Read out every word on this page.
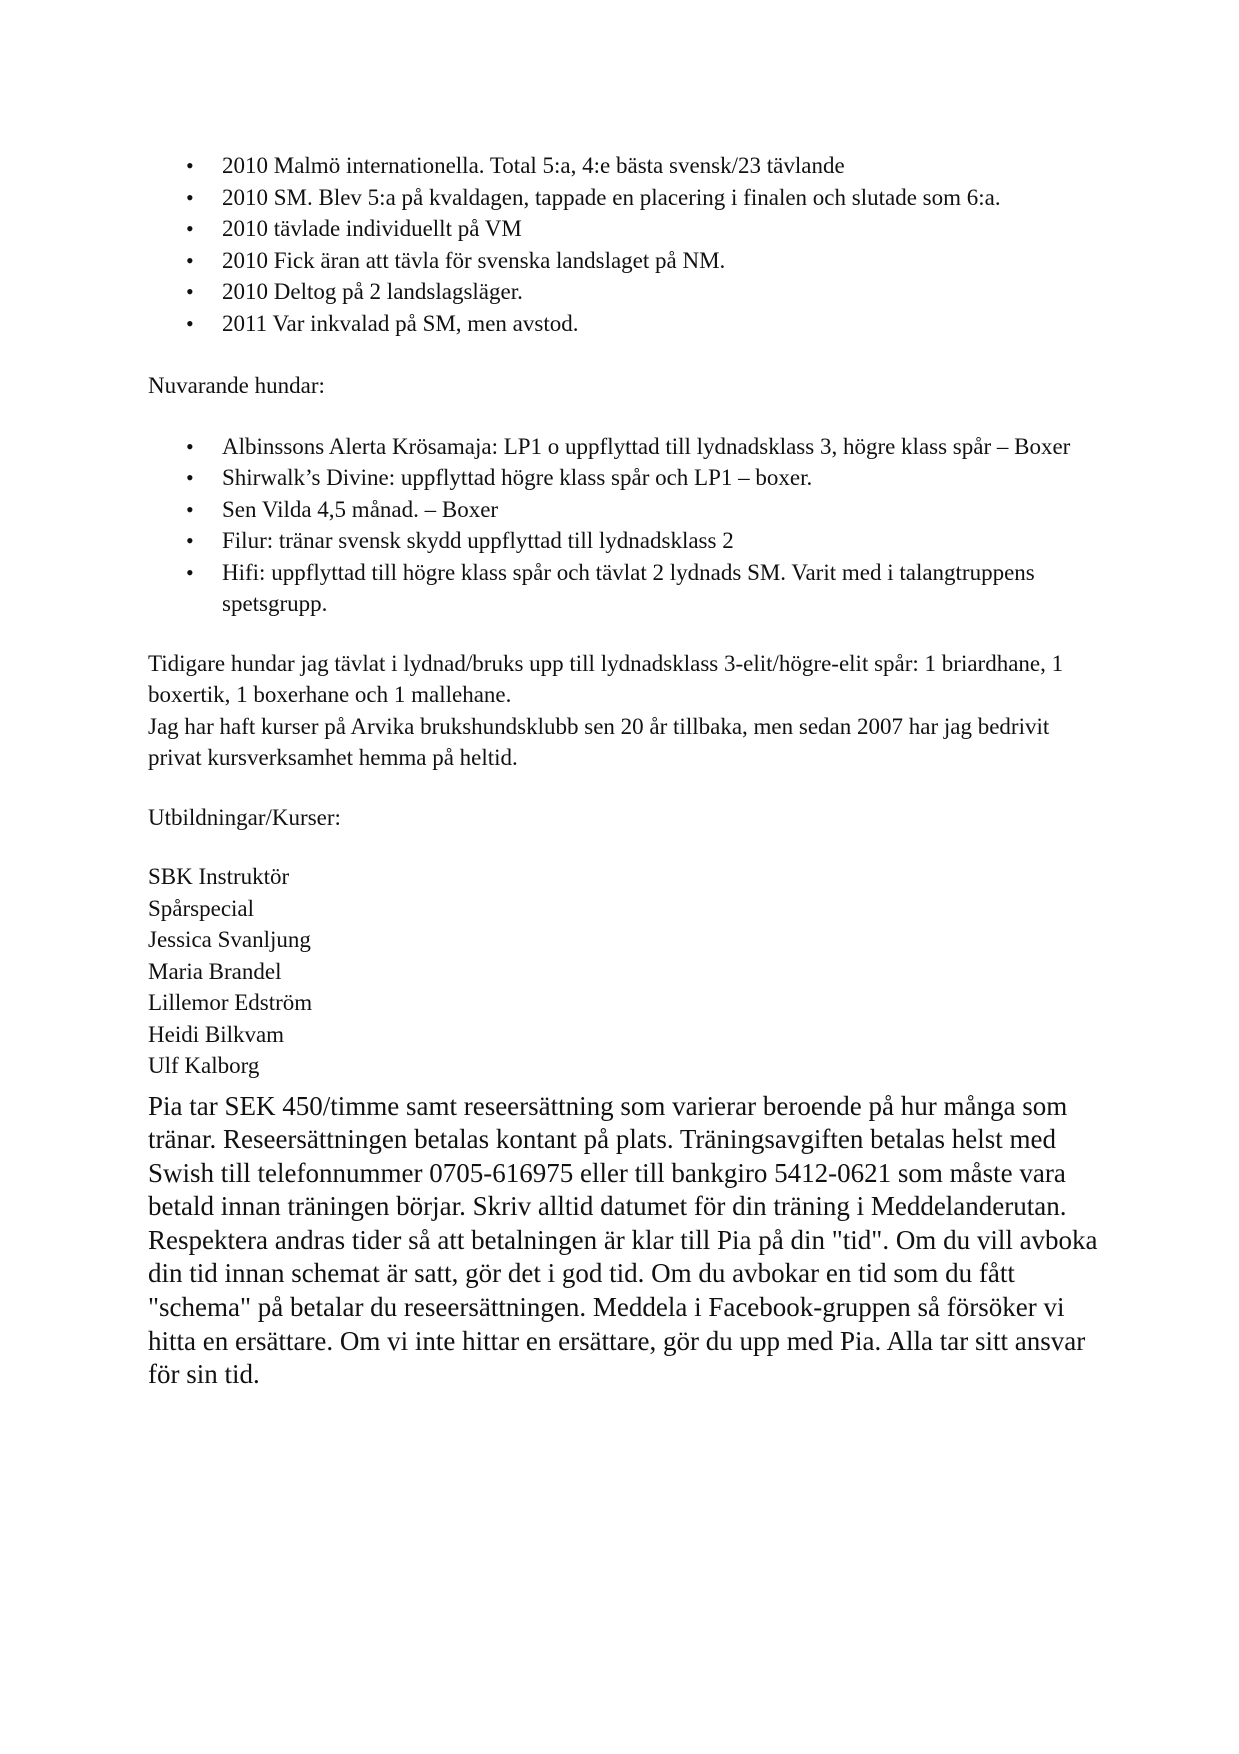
• 2010 Malmö internationella. Total 5:a, 4:e bästa svensk/23 tävlande
• 2010 SM. Blev 5:a på kvaldagen, tappade en placering i finalen och slutade som 6:a.
• 2010 tävlade individuellt på VM
• 2010 Fick äran att tävla för svenska landslaget på NM.
• 2010 Deltog på 2 landslagsläger.
• 2011 Var inkvalad på SM, men avstod.

Nuvarande hundar:

• Albinssons Alerta Krösamaja: LP1 o uppflyttad till lydnadsklass 3, högre klass spår – Boxer
• Shirwalk’s Divine: uppflyttad högre klass spår och LP1 – boxer.
• Sen Vilda 4,5 månad. – Boxer
• Filur: tränar svensk skydd uppflyttad till lydnadsklass 2
• Hifi: uppflyttad till högre klass spår och tävlat 2 lydnads SM. Varit med i talangtruppens spetsgrupp.

Tidigare hundar jag tävlat i lydnad/bruks upp till lydnadsklass 3-elit/högre-elit spår: 1 briardhane, 1 boxertik, 1 boxerhane och 1 mallehane.

Jag har haft kurser på Arvika brukshundsklubb sen 20 år tillbaka, men sedan 2007 har jag bedrivit privat kursverksamhet hemma på heltid.

Utbildningar/Kurser:

SBK Instruktör
Spårspecial
Jessica Svanljung
Maria Brandel
Lillemor Edström
Heidi Bilkvam
Ulf Kalborg

Pia tar SEK 450/timme samt reseersättning som varierar beroende på hur många som tränar. Reseersättningen betalas kontant på plats. Träningsavgiften betalas helst med Swish till telefonnummer 0705-616975 eller till bankgiro 5412-0621 som måste vara betald innan träningen börjar. Skriv alltid datumet för din träning i Meddelanderutan. Respektera andras tider så att betalningen är klar till Pia på din "tid". Om du vill avboka din tid innan schemat är satt, gör det i god tid. Om du avbokar en tid som du fått "schema" på betalar du reseersättningen. Meddela i Facebook-gruppen så försöker vi hitta en ersättare. Om vi inte hittar en ersättare, gör du upp med Pia. Alla tar sitt ansvar för sin tid.
